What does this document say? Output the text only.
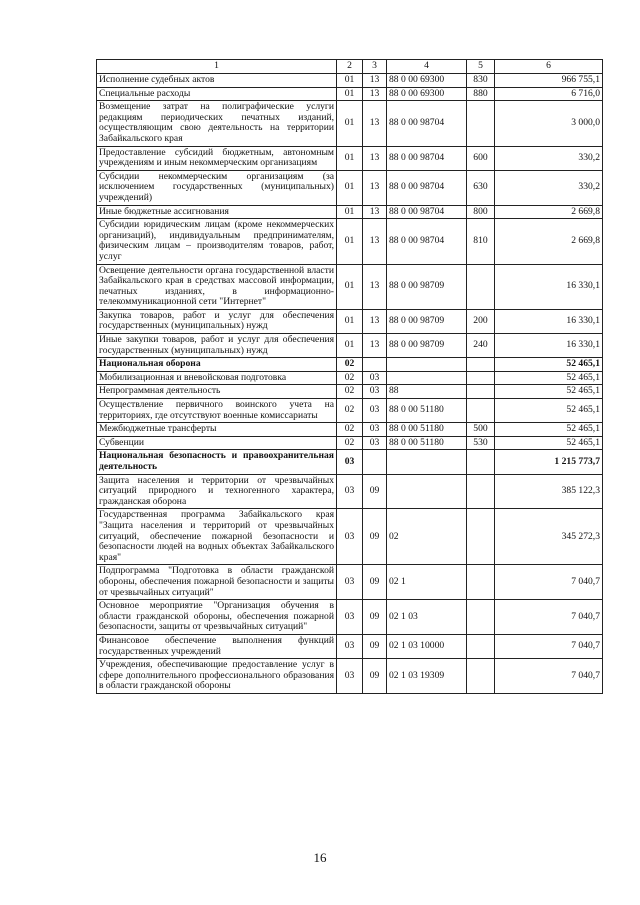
1	2	3	4	5	6
Исполнение судебных актов	01	13	88 0 00 69300	830	966 755,1
Специальные расходы	01	13	88 0 00 69300	880	6 716,0
Возмещение затрат на полиграфические услуги редакциям периодических печатных изданий, осуществляющим свою деятельность на территории Забайкальского края	01	13	88 0 00 98704		3 000,0
Предоставление субсидий бюджетным, автономным учреждениям и иным некоммерческим организациям	01	13	88 0 00 98704	600	330,2
Субсидии некоммерческим организациям (за исключением государственных (муниципальных) учреждений)	01	13	88 0 00 98704	630	330,2
Иные бюджетные ассигнования	01	13	88 0 00 98704	800	2 669,8
Субсидии юридическим лицам (кроме некоммерческих организаций), индивидуальным предпринимателям, физическим лицам – производителям товаров, работ, услуг	01	13	88 0 00 98704	810	2 669,8
Освещение деятельности органа государственной власти Забайкальского края в средствах массовой информации, печатных изданиях, в информационно-телекоммуникационной сети "Интернет"	01	13	88 0 00 98709		16 330,1
Закупка товаров, работ и услуг для обеспечения государственных (муниципальных) нужд	01	13	88 0 00 98709	200	16 330,1
Иные закупки товаров, работ и услуг для обеспечения государственных (муниципальных) нужд	01	13	88 0 00 98709	240	16 330,1
Национальная оборона	02				52 465,1
Мобилизационная и вневойсковая подготовка	02	03			52 465,1
Непрограммная деятельность	02	03	88		52 465,1
Осуществление первичного воинского учета на территориях, где отсутствуют военные комиссариаты	02	03	88 0 00 51180		52 465,1
Межбюджетные трансферты	02	03	88 0 00 51180	500	52 465,1
Субвенции	02	03	88 0 00 51180	530	52 465,1
Национальная безопасность и правоохранительная деятельность	03				1 215 773,7
Защита населения и территории от чрезвычайных ситуаций природного и техногенного характера, гражданская оборона	03	09			385 122,3
Государственная программа Забайкальского края "Защита населения и территорий от чрезвычайных ситуаций, обеспечение пожарной безопасности и безопасности людей на водных объектах Забайкальского края"	03	09	02		345 272,3
Подпрограмма "Подготовка в области гражданской обороны, обеспечения пожарной безопасности и защиты от чрезвычайных ситуаций"	03	09	02 1		7 040,7
Основное мероприятие "Организация обучения в области гражданской обороны, обеспечения пожарной безопасности, защиты от чрезвычайных ситуаций"	03	09	02 1 03		7 040,7
Финансовое обеспечение выполнения функций государственных учреждений	03	09	02 1 03 10000		7 040,7
Учреждения, обеспечивающие предоставление услуг в сфере дополнительного профессионального образования в области гражданской обороны	03	09	02 1 03 19309		7 040,7
16
